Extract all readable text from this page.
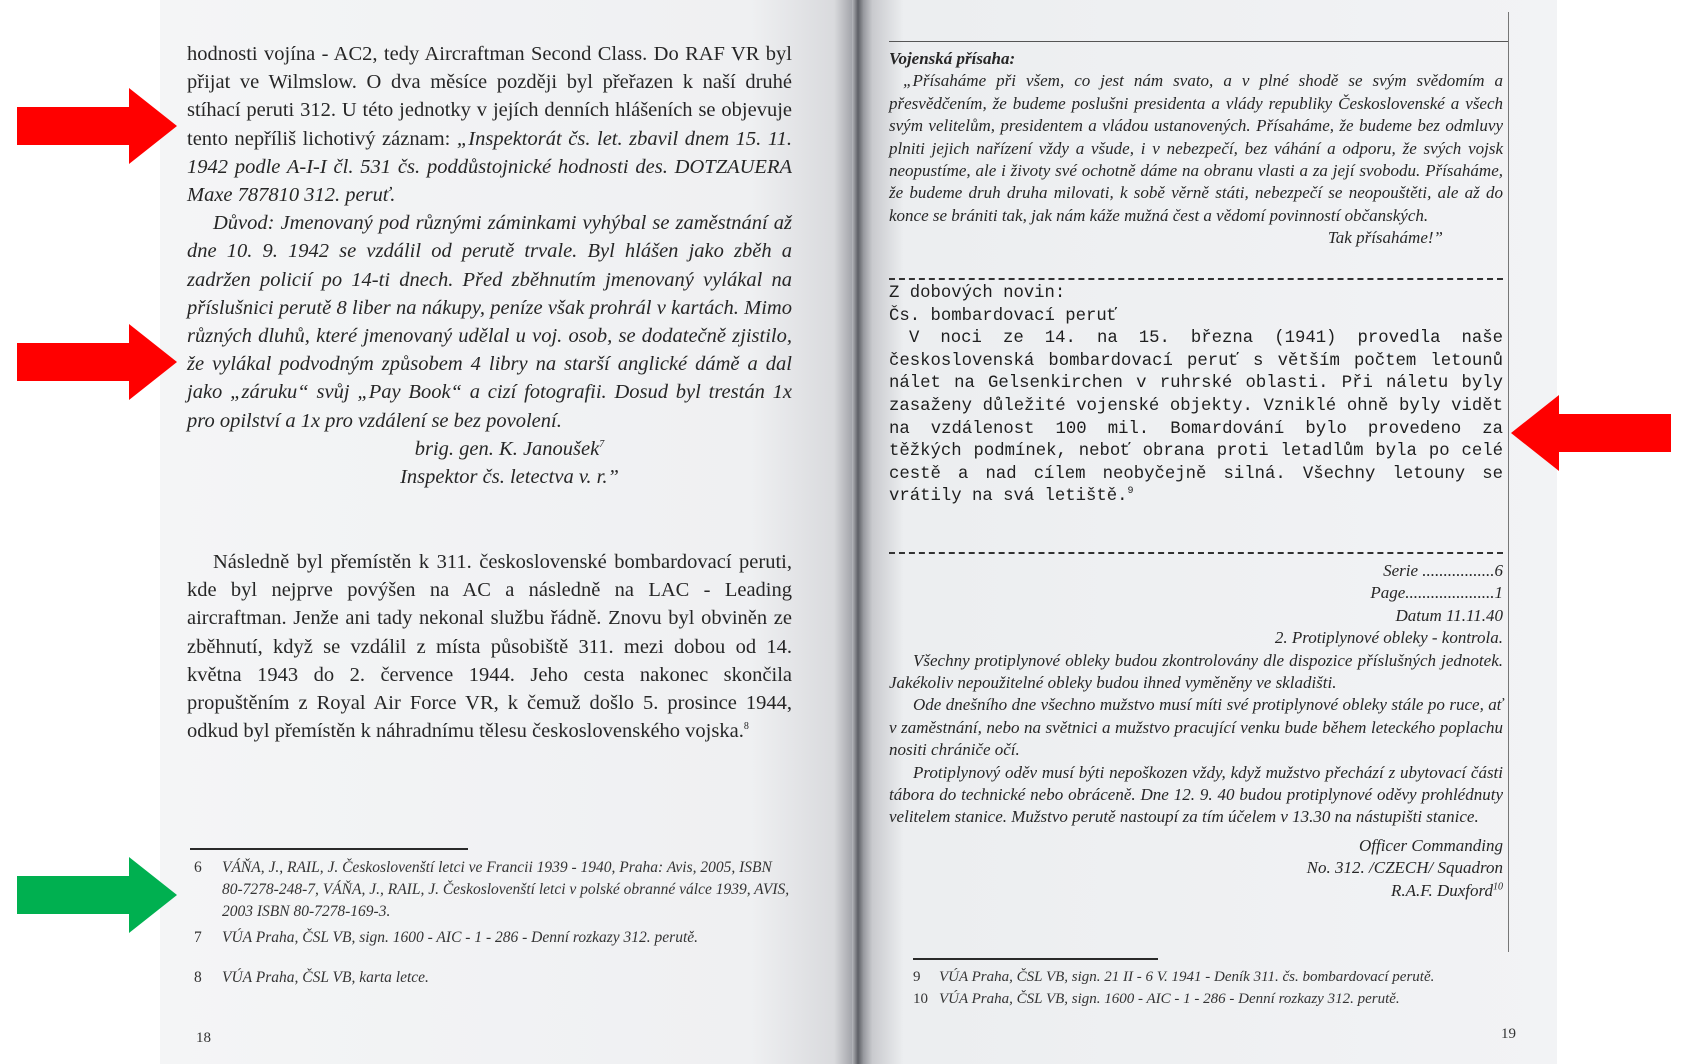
hodnosti vojína - AC2, tedy Aircraftman Second Class. Do RAF VR byl přijat ve Wilmslow. O dva měsíce později byl přeřazen k naší druhé stíhací peruti 312. U této jednotky v jejích denních hlášeních se objevuje tento nepříliš lichotivý záznam: „Inspektorát čs. let. zbavil dnem 15. 11. 1942 podle A-I-I čl. 531 čs. poddůstojnické hodnosti des. DOTZAUERA Maxe 787810 312. peruť.

Důvod: Jmenovaný pod různými záminkami vyhýbal se zaměstnání až dne 10. 9. 1942 se vzdálil od perutě trvale. Byl hlášen jako zběh a zadržen policií po 14-ti dnech. Před zběhnutím jmenovaný vylákal na příslušnici perutě 8 liber na nákupy, peníze však prohrál v kartách. Mimo různých dluhů, které jmenovaný udělal u voj. osob, se dodatečně zjistilo, že vylákal podvodným způsobem 4 libry na starší anglické dámě a dal jako „záruku“ svůj „Pay Book“ a cizí fotografii. Dosud byl trestán 1x pro opilství a 1x pro vzdálení se bez povolení.

brig. gen. K. Janoušek$^7$
Inspektor čs. letectva v. r.”

Následně byl přemístěn k 311. československé bombardovací peruti, kde byl nejprve povýšen na AC a následně na LAC - Leading aircraftman. Jenže ani tady nekonal službu řádně. Znovu byl obviněn ze zběhnutí, když se vzdálil z místa působiště 311. mezi dobou od 14. května 1943 do 2. července 1944. Jeho cesta nakonec skončila propuštěním z Royal Air Force VR, k čemuž došlo 5. prosince 1944, odkud byl přemístěn k náhradnímu tělesu československého vojska.$^8$

6 VÁŇA, J., RAIL, J. Českoslovenští letci ve Francii 1939 - 1940, Praha: Avis, 2005, ISBN 80-7278-248-7, VÁŇA, J., RAIL, J. Českoslovenští letci v polské obranné válce 1939, AVIS, 2003 ISBN 80-7278-169-3.
7 VÚA Praha, ČSL VB, sign. 1600 - AIC - 1 - 286 - Denní rozkazy 312. perutě.
8 VÚA Praha, ČSL VB, karta letce.
18

Vojenská přísaha:

„Přísaháme při všem, co jest nám svato, a v plné shodě se svým svědomím a přesvědčením, že budeme poslušni presidenta a vlády republiky Československé a všech svým velitelům, presidentem a vládou ustanovených. Přísaháme, že budeme bez odmluvy plniti jejich nařízení vždy a všude, i v nebezpečí, bez váhání a odporu, že svých vojsk neopustíme, ale i životy své ochotně dáme na obranu vlasti a za její svobodu. Přísaháme, že budeme druh druha milovati, k sobě věrně státi, nebezpečí se neopouštěti, ale až do konce se brániti tak, jak nám káže mužná čest a vědomí povinností občanských.

Tak přísaháme!”

Z dobových novin:

Čs. bombardovací peruť

V noci ze 14. na 15. března (1941) provedla naše československá bombardovací peruť s větším počtem letounů nálet na Gelsenkirchen v ruhrské oblasti. Při náletu byly zasaženy důležité vojenské objekty. Vzniklé ohně byly vidět na vzdálenost 100 mil. Bomardování bylo provedeno za těžkých podmínek, neboť obrana proti letadlům byla po celé cestě a nad cílem neobyčejně silná. Všechny letouny se vrátily na svá letiště.$^9$

Serie .................6

Page.....................1

Datum 11.11.40

2. Protiplynové obleky - kontrola.

Všechny protiplynové obleky budou zkontrolovány dle dispozice příslušných jednotek. Jakékoliv nepoužitelné obleky budou ihned vyměněny ve skladišti.

Ode dnešního dne všechno mužstvo musí míti své protiplynové obleky stále po ruce, ať v zaměstnání, nebo na světnici a mužstvo pracující venku bude během leteckého poplachu nositi chrániče očí.

Protiplynový oděv musí býti nepoškozen vždy, když mužstvo přechází z ubytovací části tábora do technické nebo obráceně. Dne 12. 9. 40 budou protiplynové oděvy prohlédnuty velitelem stanice. Mužstvo perutě nastoupí za tím účelem v 13.30 na nástupišti stanice.

Officer Commanding

No. 312. /CZECH/ Squadron

R.A.F. Duxford$^{10}$

9 VÚA Praha, ČSL VB, sign. 21 II - 6 V. 1941 - Deník 311. čs. bombardovací perutě.
10 VÚA Praha, ČSL VB, sign. 1600 - AIC - 1 - 286 - Denní rozkazy 312. perutě.
19
